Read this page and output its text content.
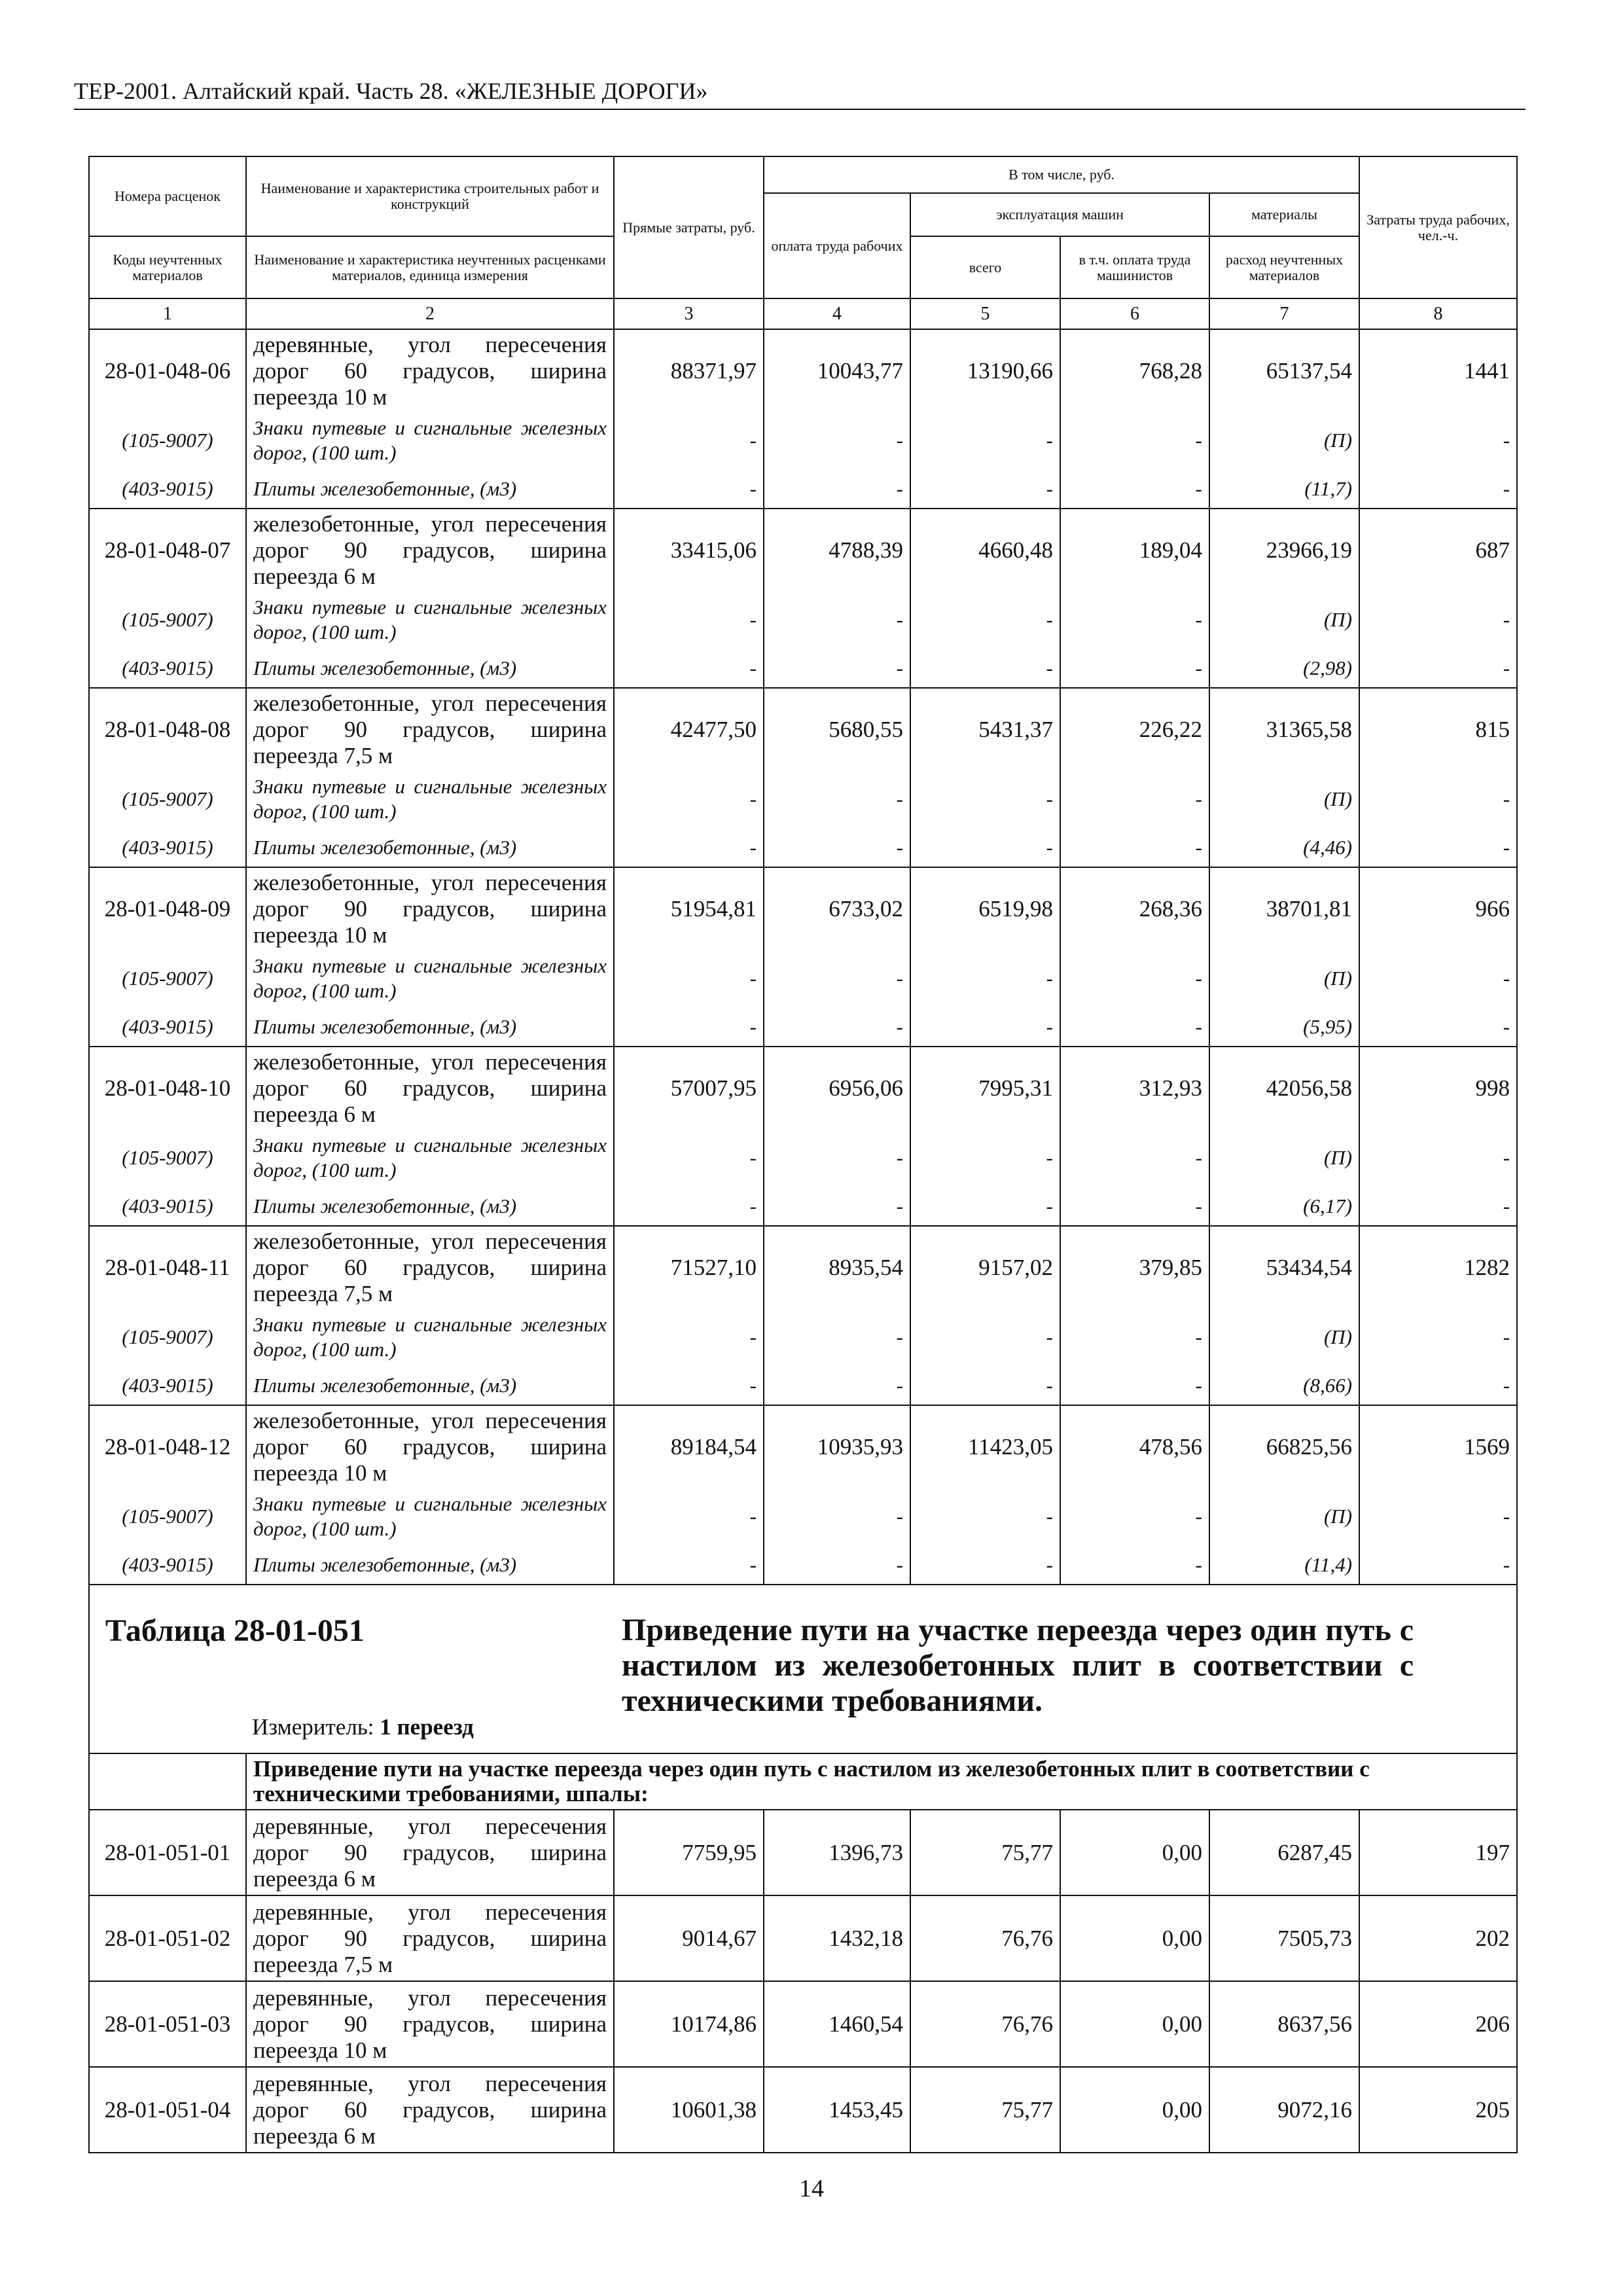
ТЕР-2001. Алтайский край. Часть 28. «ЖЕЛЕЗНЫЕ ДОРОГИ»
Номера расценок	Наименование и характеристика строительных работ и конструкций	Прямые затраты, руб.	В том числе, руб.				Затраты труда рабочих, чел.-ч.
			оплата труда рабочих	эксплуатация машин		материалы	
Коды неучтенных материалов	Наименование и характеристика неучтенных расценками материалов, единица измерения			всего	в т.ч. оплата труда машинистов	расход неучтенных материалов	
1	2	3	4	5	6	7	8
28-01-048-06	деревянные, угол пересечения дорог 60 градусов, ширина переезда 10 м	88371,97	10043,77	13190,66	768,28	65137,54	1441
(105-9007)	Знаки путевые и сигнальные железных дорог, (100 шт.)	-	-	-	-	(П)	-
(403-9015)	Плиты железобетонные, (м3)	-	-	-	-	(11,7)	-
28-01-048-07	железобетонные, угол пересечения дорог 90 градусов, ширина переезда 6 м	33415,06	4788,39	4660,48	189,04	23966,19	687
(105-9007)	Знаки путевые и сигнальные железных дорог, (100 шт.)	-	-	-	-	(П)	-
(403-9015)	Плиты железобетонные, (м3)	-	-	-	-	(2,98)	-
28-01-048-08	железобетонные, угол пересечения дорог 90 градусов, ширина переезда 7,5 м	42477,50	5680,55	5431,37	226,22	31365,58	815
(105-9007)	Знаки путевые и сигнальные железных дорог, (100 шт.)	-	-	-	-	(П)	-
(403-9015)	Плиты железобетонные, (м3)	-	-	-	-	(4,46)	-
28-01-048-09	железобетонные, угол пересечения дорог 90 градусов, ширина переезда 10 м	51954,81	6733,02	6519,98	268,36	38701,81	966
(105-9007)	Знаки путевые и сигнальные железных дорог, (100 шт.)	-	-	-	-	(П)	-
(403-9015)	Плиты железобетонные, (м3)	-	-	-	-	(5,95)	-
28-01-048-10	железобетонные, угол пересечения дорог 60 градусов, ширина переезда 6 м	57007,95	6956,06	7995,31	312,93	42056,58	998
(105-9007)	Знаки путевые и сигнальные железных дорог, (100 шт.)	-	-	-	-	(П)	-
(403-9015)	Плиты железобетонные, (м3)	-	-	-	-	(6,17)	-
28-01-048-11	железобетонные, угол пересечения дорог 60 градусов, ширина переезда 7,5 м	71527,10	8935,54	9157,02	379,85	53434,54	1282
(105-9007)	Знаки путевые и сигнальные железных дорог, (100 шт.)	-	-	-	-	(П)	-
(403-9015)	Плиты железобетонные, (м3)	-	-	-	-	(8,66)	-
28-01-048-12	железобетонные, угол пересечения дорог 60 градусов, ширина переезда 10 м	89184,54	10935,93	11423,05	478,56	66825,56	1569
(105-9007)	Знаки путевые и сигнальные железных дорог, (100 шт.)	-	-	-	-	(П)	-
(403-9015)	Плиты железобетонные, (м3)	-	-	-	-	(11,4)	-

Таблица 28-01-051 Приведение пути на участке переезда через один путь с настилом из железобетонных плит в соответствии с техническими требованиями.
Измеритель: 1 переезд							

	Приведение пути на участке переезда через один путь с настилом из железобетонных плит в соответствии с техническими требованиями, шпалы:						
28-01-051-01	деревянные, угол пересечения дорог 90 градусов, ширина переезда 6 м	7759,95	1396,73	75,77	0,00	6287,45	197
28-01-051-02	деревянные, угол пересечения дорог 90 градусов, ширина переезда 7,5 м	9014,67	1432,18	76,76	0,00	7505,73	202
28-01-051-03	деревянные, угол пересечения дорог 90 градусов, ширина переезда 10 м	10174,86	1460,54	76,76	0,00	8637,56	206
28-01-051-04	деревянные, угол пересечения дорог 60 градусов, ширина переезда 6 м	10601,38	1453,45	75,77	0,00	9072,16	205
14
